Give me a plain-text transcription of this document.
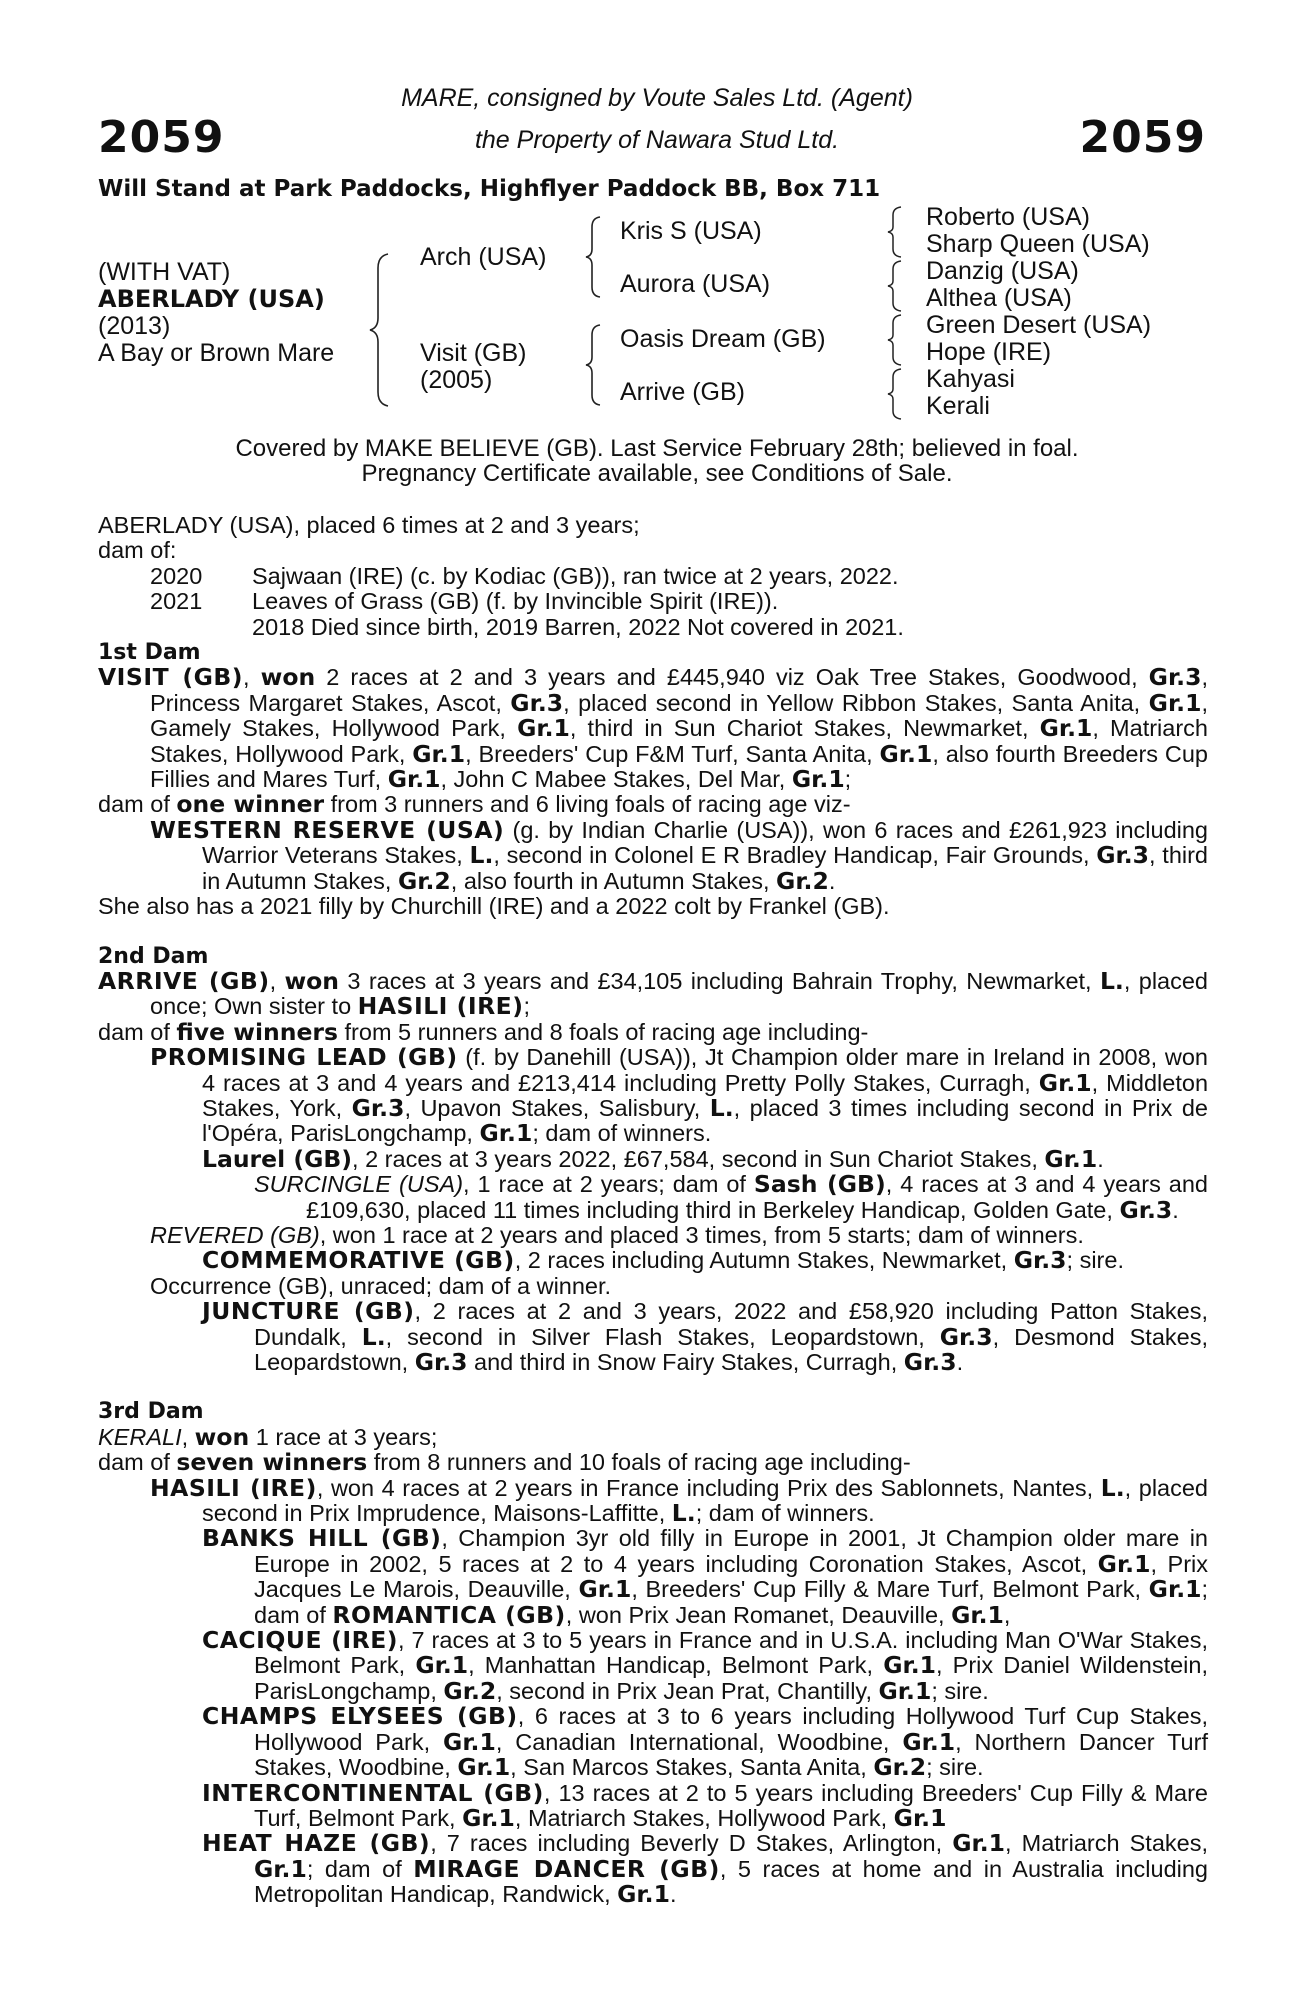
2059	2059
MARE, consigned by Voute Sales Ltd. (Agent)
the Property of Nawara Stud Ltd.
Will Stand at Park Paddocks, Highflyer Paddock BB, Box 711
(WITH VAT)
ABERLADY (USA)
(2013)
A Bay or Brown Mare
Arch (USA)
Visit (GB)
(2005)
Kris S (USA)
Aurora (USA)
Oasis Dream (GB)
Arrive (GB)
Roberto (USA)
Sharp Queen (USA)
Danzig (USA)
Althea (USA)
Green Desert (USA)
Hope (IRE)
Kahyasi
Kerali
Covered by MAKE BELIEVE (GB). Last Service February 28th; believed in foal.
Pregnancy Certificate available, see Conditions of Sale.

ABERLADY (USA), placed 6 times at 2 and 3 years;

dam of:

2020 Sajwaan (IRE) (c. by Kodiac (GB)), ran twice at 2 years, 2022.

2021 Leaves of Grass (GB) (f. by Invincible Spirit (IRE)).

2018 Died since birth, 2019 Barren, 2022 Not covered in 2021.

1st Dam

VISIT (GB), won 2 races at 2 and 3 years and £445,940 viz Oak Tree Stakes, Goodwood, Gr.3, Princess Margaret Stakes, Ascot, Gr.3, placed second in Yellow Ribbon Stakes, Santa Anita, Gr.1, Gamely Stakes, Hollywood Park, Gr.1, third in Sun Chariot Stakes, Newmarket, Gr.1, Matriarch Stakes, Hollywood Park, Gr.1, Breeders' Cup F&M Turf, Santa Anita, Gr.1, also fourth Breeders Cup Fillies and Mares Turf, Gr.1, John C Mabee Stakes, Del Mar, Gr.1;

dam of one winner from 3 runners and 6 living foals of racing age viz-

WESTERN RESERVE (USA) (g. by Indian Charlie (USA)), won 6 races and £261,923 including Warrior Veterans Stakes, L., second in Colonel E R Bradley Handicap, Fair Grounds, Gr.3, third in Autumn Stakes, Gr.2, also fourth in Autumn Stakes, Gr.2.

She also has a 2021 filly by Churchill (IRE) and a 2022 colt by Frankel (GB).

2nd Dam

ARRIVE (GB), won 3 races at 3 years and £34,105 including Bahrain Trophy, Newmarket, L., placed once; Own sister to HASILI (IRE);

dam of five winners from 5 runners and 8 foals of racing age including-

PROMISING LEAD (GB) (f. by Danehill (USA)), Jt Champion older mare in Ireland in 2008, won 4 races at 3 and 4 years and £213,414 including Pretty Polly Stakes, Curragh, Gr.1, Middleton Stakes, York, Gr.3, Upavon Stakes, Salisbury, L., placed 3 times including second in Prix de l'Opéra, ParisLongchamp, Gr.1; dam of winners.

Laurel (GB), 2 races at 3 years 2022, £67,584, second in Sun Chariot Stakes, Gr.1.

SURCINGLE (USA), 1 race at 2 years; dam of Sash (GB), 4 races at 3 and 4 years and £109,630, placed 11 times including third in Berkeley Handicap, Golden Gate, Gr.3.

REVERED (GB), won 1 race at 2 years and placed 3 times, from 5 starts; dam of winners.

COMMEMORATIVE (GB), 2 races including Autumn Stakes, Newmarket, Gr.3; sire.

Occurrence (GB), unraced; dam of a winner.

JUNCTURE (GB), 2 races at 2 and 3 years, 2022 and £58,920 including Patton Stakes, Dundalk, L., second in Silver Flash Stakes, Leopardstown, Gr.3, Desmond Stakes, Leopardstown, Gr.3 and third in Snow Fairy Stakes, Curragh, Gr.3.

3rd Dam

KERALI, won 1 race at 3 years;

dam of seven winners from 8 runners and 10 foals of racing age including-

HASILI (IRE), won 4 races at 2 years in France including Prix des Sablonnets, Nantes, L., placed second in Prix Imprudence, Maisons-Laffitte, L.; dam of winners.

BANKS HILL (GB), Champion 3yr old filly in Europe in 2001, Jt Champion older mare in Europe in 2002, 5 races at 2 to 4 years including Coronation Stakes, Ascot, Gr.1, Prix Jacques Le Marois, Deauville, Gr.1, Breeders' Cup Filly & Mare Turf, Belmont Park, Gr.1; dam of ROMANTICA (GB), won Prix Jean Romanet, Deauville, Gr.1,

CACIQUE (IRE), 7 races at 3 to 5 years in France and in U.S.A. including Man O'War Stakes, Belmont Park, Gr.1, Manhattan Handicap, Belmont Park, Gr.1, Prix Daniel Wildenstein, ParisLongchamp, Gr.2, second in Prix Jean Prat, Chantilly, Gr.1; sire.

CHAMPS ELYSEES (GB), 6 races at 3 to 6 years including Hollywood Turf Cup Stakes, Hollywood Park, Gr.1, Canadian International, Woodbine, Gr.1, Northern Dancer Turf Stakes, Woodbine, Gr.1, San Marcos Stakes, Santa Anita, Gr.2; sire.

INTERCONTINENTAL (GB), 13 races at 2 to 5 years including Breeders' Cup Filly & Mare Turf, Belmont Park, Gr.1, Matriarch Stakes, Hollywood Park, Gr.1

HEAT HAZE (GB), 7 races including Beverly D Stakes, Arlington, Gr.1, Matriarch Stakes, Gr.1; dam of MIRAGE DANCER (GB), 5 races at home and in Australia including Metropolitan Handicap, Randwick, Gr.1.
